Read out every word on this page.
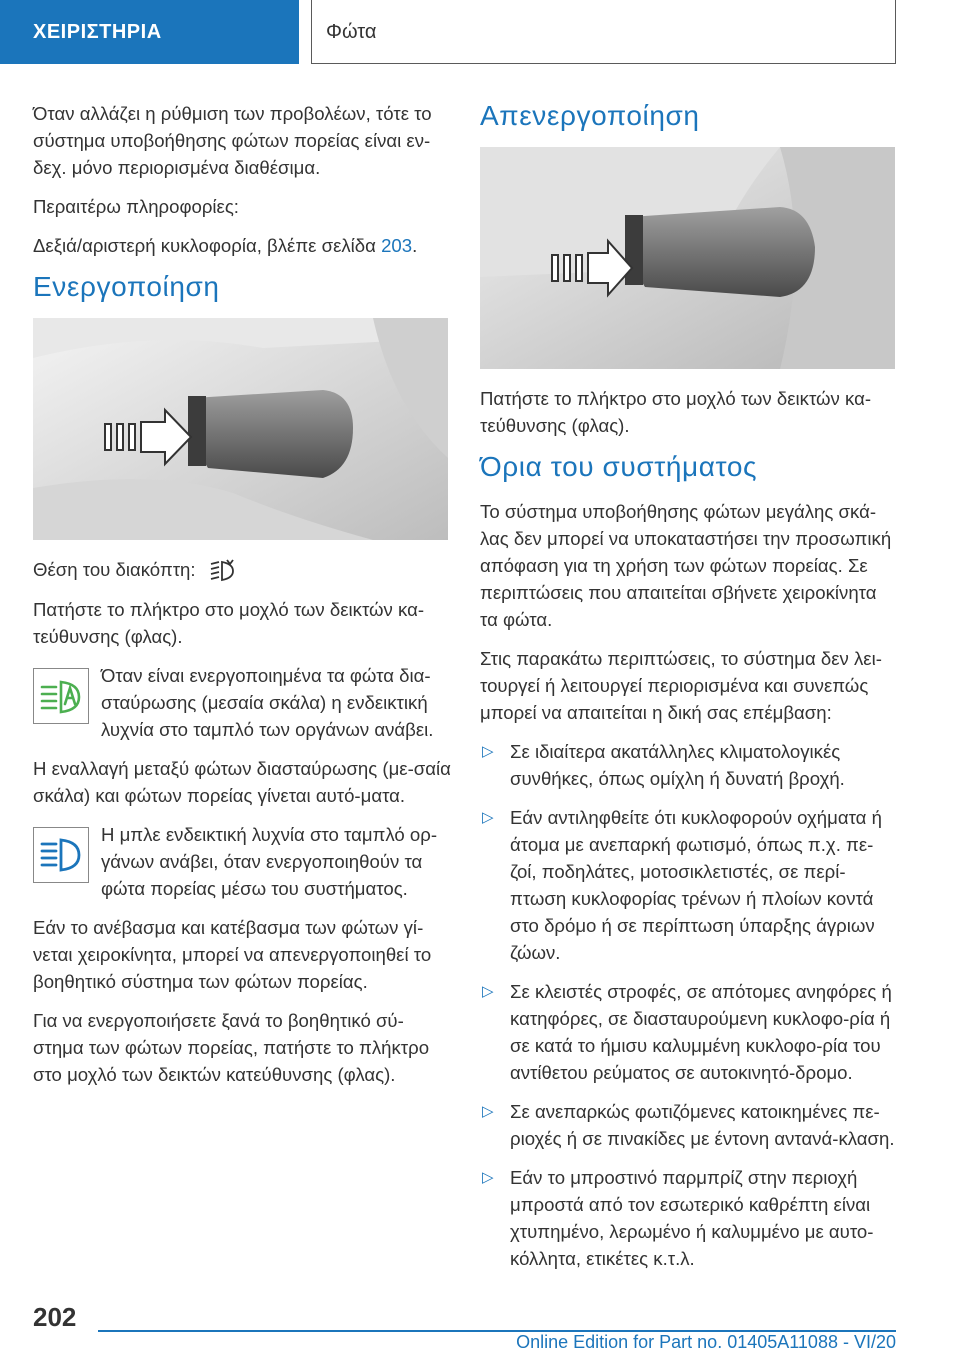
ΧΕΙΡΙΣΤΗΡΙΑ	Φώτα

Όταν αλλάζει η ρύθμιση των προβολέων, τότε το σύστημα υποβοήθησης φώτων πορείας είναι εν‐δεχ. μόνο περιορισμένα διαθέσιμα.

Περαιτέρω πληροφορίες:

Δεξιά/αριστερή κυκλοφορία, βλέπε σελίδα 203.

Ενεργοποίηση

Θέση του διακόπτη:

Πατήστε το πλήκτρο στο μοχλό των δεικτών κα‐τεύθυνσης (φλας).

Όταν είναι ενεργοποιημένα τα φώτα δια‐σταύρωσης (μεσαία σκάλα) η ενδεικτική λυχνία στο ταμπλό των οργάνων ανάβει.

Η εναλλαγή μεταξύ φώτων διασταύρωσης (με‐σαία σκάλα) και φώτων πορείας γίνεται αυτό‐ματα.

Η μπλε ενδεικτική λυχνία στο ταμπλό ορ‐γάνων ανάβει, όταν ενεργοποιηθούν τα φώτα πορείας μέσω του συστήματος.

Εάν το ανέβασμα και κατέβασμα των φώτων γί‐νεται χειροκίνητα, μπορεί να απενεργοποιηθεί το βοηθητικό σύστημα των φώτων πορείας.

Για να ενεργοποιήσετε ξανά το βοηθητικό σύ‐στημα των φώτων πορείας, πατήστε το πλήκτρο στο μοχλό των δεικτών κατεύθυνσης (φλας).

Απενεργοποίηση

Πατήστε το πλήκτρο στο μοχλό των δεικτών κα‐τεύθυνσης (φλας).

Όρια του συστήματος

Το σύστημα υποβοήθησης φώτων μεγάλης σκά‐λας δεν μπορεί να υποκαταστήσει την προσωπική απόφαση για τη χρήση των φώτων πορείας. Σε περιπτώσεις που απαιτείται σβήνετε χειροκίνητα τα φώτα.

Στις παρακάτω περιπτώσεις, το σύστημα δεν λει‐τουργεί ή λειτουργεί περιορισμένα και συνεπώς μπορεί να απαιτείται η δική σας επέμβαση:

▷ Σε ιδιαίτερα ακατάλληλες κλιματολογικές συνθήκες, όπως ομίχλη ή δυνατή βροχή.
▷ Εάν αντιληφθείτε ότι κυκλοφορούν οχήματα ή άτομα με ανεπαρκή φωτισμό, όπως π.χ. πε‐ζοί, ποδηλάτες, μοτοσικλετιστές, σε περί‐πτωση κυκλοφορίας τρένων ή πλοίων κοντά στο δρόμο ή σε περίπτωση ύπαρξης άγριων ζώων.
▷ Σε κλειστές στροφές, σε απότομες ανηφόρες ή κατηφόρες, σε διασταυρούμενη κυκλοφο‐ρία ή σε κατά το ήμισυ καλυμμένη κυκλοφο‐ρία του αντίθετου ρεύματος σε αυτοκινητό‐δρομο.
▷ Σε ανεπαρκώς φωτιζόμενες κατοικημένες πε‐ριοχές ή σε πινακίδες με έντονη αντανά‐κλαση.
▷ Εάν το μπροστινό παρμπρίζ στην περιοχή μπροστά από τον εσωτερικό καθρέπτη είναι χτυπημένο, λερωμένο ή καλυμμένο με αυτο‐κόλλητα, ετικέτες κ.τ.λ.
202
Online Edition for Part no. 01405A11088 - VI/20
